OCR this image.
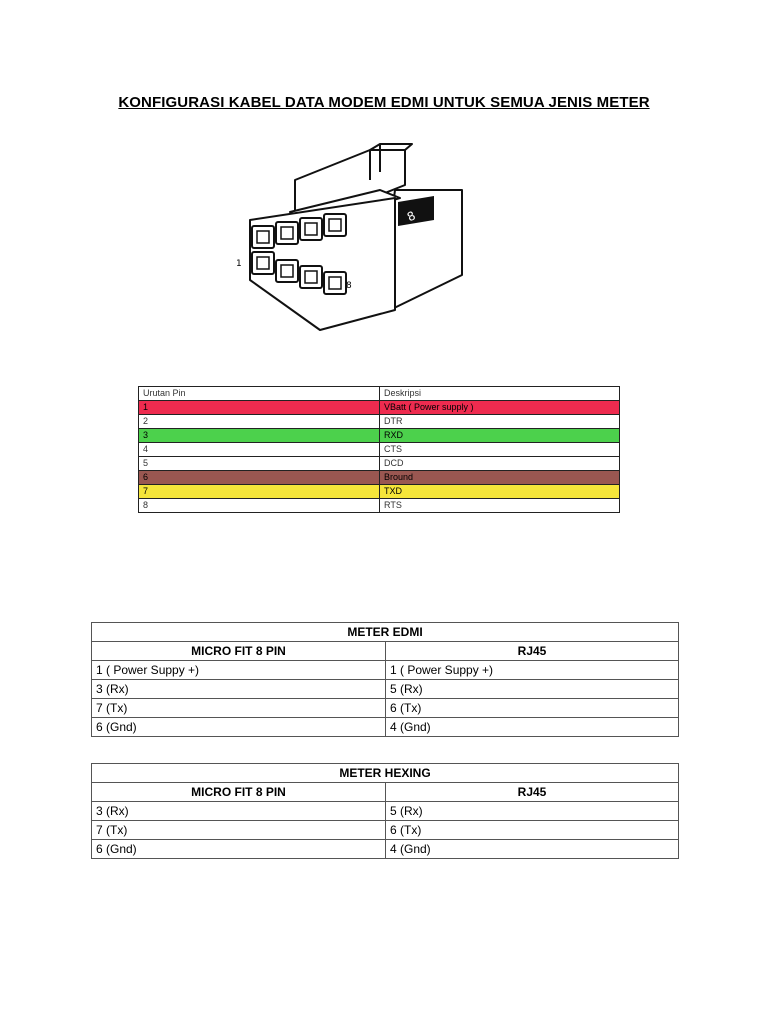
KONFIGURASI KABEL DATA MODEM EDMI UNTUK SEMUA JENIS METER
8
1
8
Urutan Pin	Deskripsi
1	VBatt ( Power supply )
2	DTR
3	RXD
4	CTS
5	DCD
6	Bround
7	TXD
8	RTS
METER EDMI	
MICRO FIT 8 PIN	RJ45
1 ( Power Suppy +)	1 ( Power Suppy +)
3 (Rx)	5 (Rx)
7 (Tx)	6 (Tx)
6 (Gnd)	4 (Gnd)
METER HEXING	
MICRO FIT 8 PIN	RJ45
3 (Rx)	5 (Rx)
7 (Tx)	6 (Tx)
6 (Gnd)	4 (Gnd)
